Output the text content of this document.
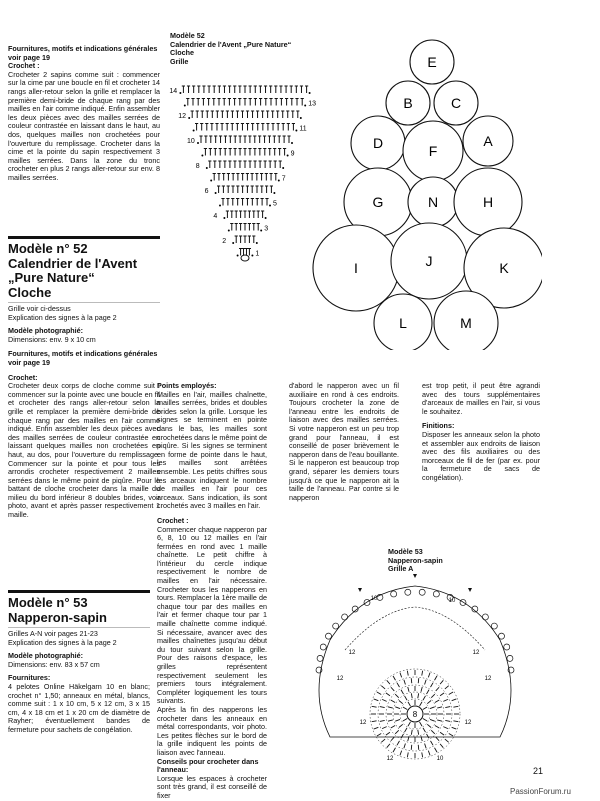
Fournitures, motifs et indications générales voir page 19
Crochet :
Crocheter 2 sapins comme suit : commencer sur la cime par une boucle en fil et crocheter 14 rangs aller-retour selon la grille et remplacer la première demi-bride de chaque rang par des mailles en l'air comme indiqué. Enfin assembler les deux pièces avec des mailles serrées de couleur contrastée en laissant dans le haut, au dos, quelques mailles non crochetées pour l'ouverture du remplissage. Crocheter dans la cime et la pointe du sapin respectivement 3 mailles serrées. Dans la zone du tronc crocheter en plus 2 rangs aller-retour sur env. 8 mailles serrées.
Modèle 52
Calendrier de l'Avent „Pure Nature“
Cloche
Grille
14
13
12
11
10
9
8
7
6
5
4
3
2
1
E
B	C
D	F
A
G	N	H
I	J	K
L	M
Modèle n° 52
Calendrier de l'Avent
„Pure Nature“
Cloche
Grille voir ci-dessus
Explication des signes à la page 2
Modèle photographié:
Dimensions: env. 9 x 10 cm
Fournitures, motifs et indications générales voir page 19
Crochet:
Crocheter deux corps de cloche comme suit : commencer sur la pointe avec une boucle en fil et crocheter des rangs aller-retour selon la grille et remplacer la première demi-bride de chaque rang par des mailles en l'air comme indiqué. Enfin assembler les deux pièces avec des mailles serrées de couleur contrastée en laissant quelques mailles non crochetées en haut, au dos, pour l'ouverture du remplissage. Commencer sur la pointe et pour tous les arrondis crocheter respectivement 2 mailles serrées dans le même point de piqûre. Pour le battant de cloche crocheter dans la maille du milieu du bord inférieur 8 doubles brides, voir photo, avant et après passer respectivement 1 maille.
Modèle n° 53
Napperon-sapin
Grilles A-N voir pages 21-23
Explication des signes à la page 2
Modèle photographié:
Dimensions: env. 83 x 57 cm
Fournitures:
4 pelotes Online Häkelgarn 10 en blanc; crochet n° 1,50; anneaux en métal, blancs, comme suit : 1 x 10 cm, 5 x 12 cm, 3 x 15 cm, 4 x 18 cm et 1 x 20 cm de diamètre de Rayher; éventuellement bandes de fermeture pour sachets de congélation.
Points employés:
Mailles en l'air, mailles chaînette, mailles serrées, brides et doubles brides selon la grille. Lorsque les signes se terminent en pointe dans le bas, les mailles sont crochetées dans le même point de piqûre. Si les signes se terminent en forme de pointe dans le haut, les mailles sont arrêtées ensemble. Les petits chiffres sous les arceaux indiquent le nombre de mailles en l'air pour ces arceaux. Sans indication, ils sont crochetés avec 3 mailles en l'air.
Crochet :
Commencer chaque napperon par 6, 8, 10 ou 12 mailles en l'air fermées en rond avec 1 maille chaînette. Le petit chiffre à l'intérieur du cercle indique respectivement le nombre de mailles en l'air nécessaire. Crocheter tous les napperons en tours. Remplacer la 1ère maille de chaque tour par des mailles en l'air et fermer chaque tour par 1 maille chaînette comme indiqué. Si nécessaire, avancer avec des mailles chaînettes jusqu'au début du tour suivant selon la grille. Pour des raisons d'espace, les grilles représentent respectivement seulement les premiers tours intégralement. Compléter logiquement les tours suivants.
Après la fin des napperons les crocheter dans les anneaux en métal correspondants, voir photo. Les petites flèches sur le bord de la grille indiquent les points de liaison avec l'anneau.
Conseils pour crocheter dans l'anneau:
Lorsque les espaces à crocheter sont très grand, il est conseillé de fixer
d'abord le napperon avec un fil auxiliaire en rond à ces endroits. Toujours crocheter la zone de l'anneau entre les endroits de liaison avec des mailles serrées. Si votre napperon est un peu trop grand pour l'anneau, il est conseillé de poser brièvement le napperon dans de l'eau bouillante. Si le napperon est beaucoup trop grand, séparer les derniers tours jusqu'à ce que le napperon ait la taille de l'anneau. Par contre si le napperon
est trop petit, il peut être agrandi avec des tours supplémentaires d'arceaux de mailles en l'air, si vous le souhaitez.
Finitions:
Disposer les anneaux selon la photo et assembler aux endroits de liaison avec des fils auxiliaires ou des morceaux de fil de fer (par ex. pour la fermeture de sacs de congélation).
Modèle 53
Napperon-sapin
Grille A
8
10	10
12	12
12	12
12	12
12	10
21
PassionForum.ru
